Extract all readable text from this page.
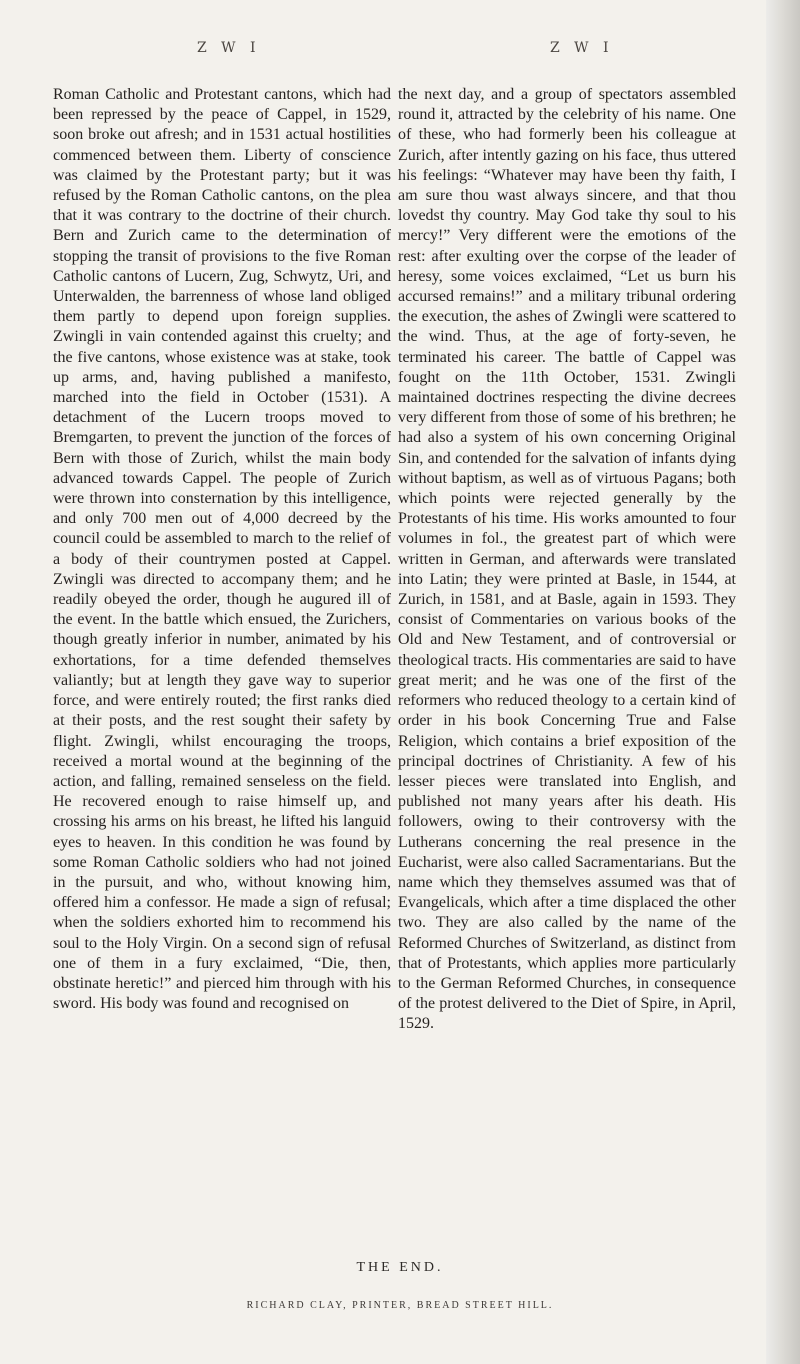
Z W I	Z W I

Roman Catholic and Protestant cantons, which had been repressed by the peace of Cappel, in 1529, soon broke out afresh; and in 1531 actual hostilities commenced between them. Liberty of conscience was claimed by the Protestant party; but it was refused by the Roman Catholic cantons, on the plea that it was contrary to the doctrine of their church. Bern and Zurich came to the determination of stopping the transit of provisions to the five Roman Catholic cantons of Lucern, Zug, Schwytz, Uri, and Unterwalden, the barrenness of whose land obliged them partly to depend upon foreign supplies. Zwingli in vain contended against this cruelty; and the five cantons, whose existence was at stake, took up arms, and, having published a manifesto, marched into the field in October (1531). A detachment of the Lucern troops moved to Bremgarten, to prevent the junction of the forces of Bern with those of Zurich, whilst the main body advanced towards Cappel. The people of Zurich were thrown into consternation by this intelligence, and only 700 men out of 4,000 decreed by the council could be assembled to march to the relief of a body of their countrymen posted at Cappel. Zwingli was directed to accompany them; and he readily obeyed the order, though he augured ill of the event. In the battle which ensued, the Zurichers, though greatly inferior in number, animated by his exhortations, for a time defended themselves valiantly; but at length they gave way to superior force, and were entirely routed; the first ranks died at their posts, and the rest sought their safety by flight. Zwingli, whilst encouraging the troops, received a mortal wound at the beginning of the action, and falling, remained senseless on the field. He recovered enough to raise himself up, and crossing his arms on his breast, he lifted his languid eyes to heaven. In this condition he was found by some Roman Catholic soldiers who had not joined in the pursuit, and who, without knowing him, offered him a confessor. He made a sign of refusal; when the soldiers exhorted him to recommend his soul to the Holy Virgin. On a second sign of refusal one of them in a fury exclaimed, “Die, then, obstinate heretic!” and pierced him through with his sword. His body was found and recognised on

the next day, and a group of spectators assembled round it, attracted by the celebrity of his name. One of these, who had formerly been his colleague at Zurich, after intently gazing on his face, thus uttered his feelings: “Whatever may have been thy faith, I am sure thou wast always sincere, and that thou lovedst thy country. May God take thy soul to his mercy!” Very different were the emotions of the rest: after exulting over the corpse of the leader of heresy, some voices exclaimed, “Let us burn his accursed remains!” and a military tribunal ordering the execution, the ashes of Zwingli were scattered to the wind. Thus, at the age of forty-seven, he terminated his career. The battle of Cappel was fought on the 11th October, 1531. Zwingli maintained doctrines respecting the divine decrees very different from those of some of his brethren; he had also a system of his own concerning Original Sin, and contended for the salvation of infants dying without baptism, as well as of virtuous Pagans; both which points were rejected generally by the Protestants of his time. His works amounted to four volumes in fol., the greatest part of which were written in German, and afterwards were translated into Latin; they were printed at Basle, in 1544, at Zurich, in 1581, and at Basle, again in 1593. They consist of Commentaries on various books of the Old and New Testament, and of controversial or theological tracts. His commentaries are said to have great merit; and he was one of the first of the reformers who reduced theology to a certain kind of order in his book Concerning True and False Religion, which contains a brief exposition of the principal doctrines of Christianity. A few of his lesser pieces were translated into English, and published not many years after his death. His followers, owing to their controversy with the Lutherans concerning the real presence in the Eucharist, were also called Sacramentarians. But the name which they themselves assumed was that of Evangelicals, which after a time displaced the other two. They are also called by the name of the Reformed Churches of Switzerland, as distinct from that of Protestants, which applies more particularly to the German Reformed Churches, in consequence of the protest delivered to the Diet of Spire, in April, 1529.

THE END.
RICHARD CLAY, PRINTER, BREAD STREET HILL.
